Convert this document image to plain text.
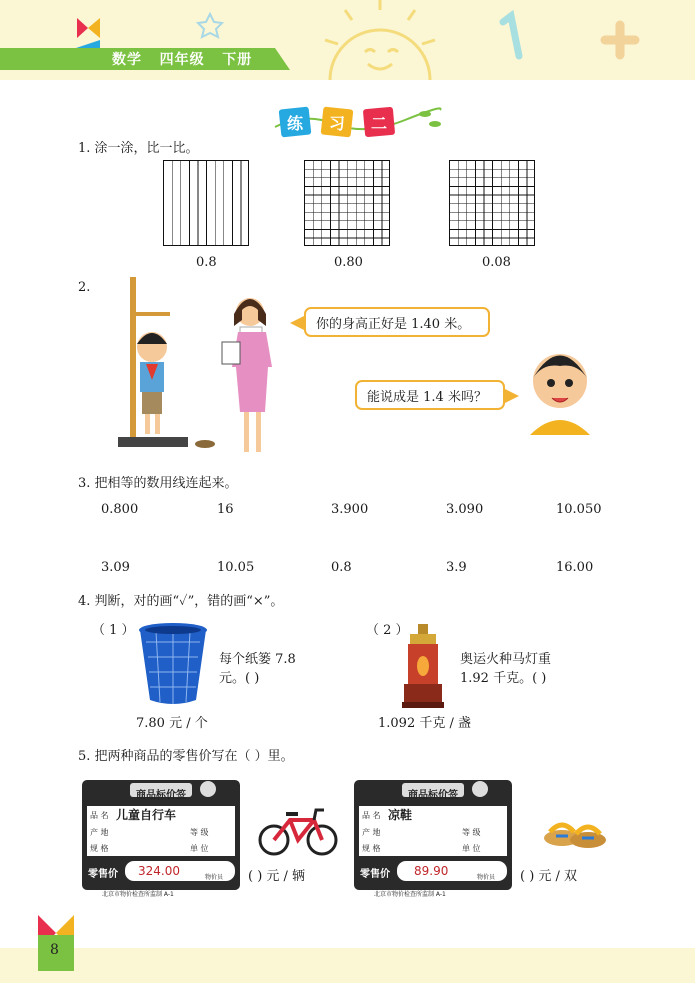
数学 四年级 下册
练	习	二
1. 涂一涂，比一比。
0.8	0.80	0.08
2.
你的身高正好是 1.40 米。
能说成是 1.4 米吗？
3. 把相等的数用线连起来。
0.800	16	3.900	3.090	10.050
3.09	10.05	0.8	3.9	16.00
4. 判断，对的画“✓”，错的画“×”。
（ 1 ）
每个纸篓 7.8
元。( )
7.80 元 / 个
（ 2 ）
奥运火种马灯重
1.92 千克。( )
1.092 千克 / 盏
5. 把两种商品的零售价写在（ ）里。
商品标价签
品 名 儿童自行车
产 地	等 级
规 格	单 位
零售价 324.00	物价员
北京市物价检查所监制 A-1
( ) 元 / 辆
商品标价签
品 名 凉鞋
产 地	等 级
规 格	单 位
零售价 89.90	物价员
北京市物价检查所监制 A-1
( ) 元 / 双
8
